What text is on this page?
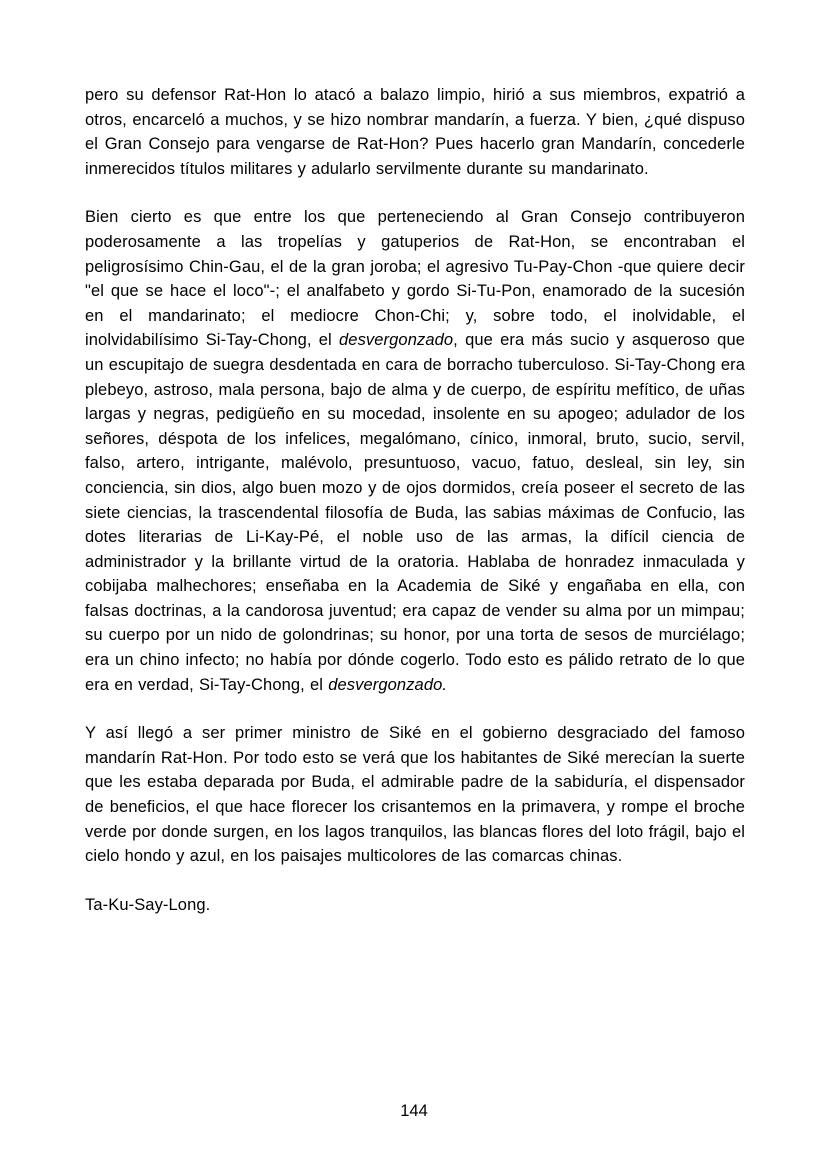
pero su defensor Rat-Hon lo atacó a balazo limpio, hirió a sus miembros, expatrió a otros, encarceló a muchos, y se hizo nombrar mandarín, a fuerza. Y bien, ¿qué dispuso el Gran Consejo para vengarse de Rat-Hon? Pues hacerlo gran Mandarín, concederle inmerecidos títulos militares y adularlo servilmente durante su mandarinato.

Bien cierto es que entre los que perteneciendo al Gran Consejo contribuyeron poderosamente a las tropelías y gatuperios de Rat-Hon, se encontraban el peligrosísimo Chin-Gau, el de la gran joroba; el agresivo Tu-Pay-Chon -que quiere decir "el que se hace el loco"-; el analfabeto y gordo Si-Tu-Pon, enamorado de la sucesión en el mandarinato; el mediocre Chon-Chi; y, sobre todo, el inolvidable, el inolvidabilísimo Si-Tay-Chong, el desvergonzado, que era más sucio y asqueroso que un escupitajo de suegra desdentada en cara de borracho tuberculoso. Si-Tay-Chong era plebeyo, astroso, mala persona, bajo de alma y de cuerpo, de espíritu mefítico, de uñas largas y negras, pedigüeño en su mocedad, insolente en su apogeo; adulador de los señores, déspota de los infelices, megalómano, cínico, inmoral, bruto, sucio, servil, falso, artero, intrigante, malévolo, presuntuoso, vacuo, fatuo, desleal, sin ley, sin conciencia, sin dios, algo buen mozo y de ojos dormidos, creía poseer el secreto de las siete ciencias, la trascendental filosofía de Buda, las sabias máximas de Confucio, las dotes literarias de Li-Kay-Pé, el noble uso de las armas, la difícil ciencia de administrador y la brillante virtud de la oratoria. Hablaba de honradez inmaculada y cobijaba malhechores; enseñaba en la Academia de Siké y engañaba en ella, con falsas doctrinas, a la candorosa juventud; era capaz de vender su alma por un mimpau; su cuerpo por un nido de golondrinas; su honor, por una torta de sesos de murciélago; era un chino infecto; no había por dónde cogerlo. Todo esto es pálido retrato de lo que era en verdad, Si-Tay-Chong, el desvergonzado.

Y así llegó a ser primer ministro de Siké en el gobierno desgraciado del famoso mandarín Rat-Hon. Por todo esto se verá que los habitantes de Siké merecían la suerte que les estaba deparada por Buda, el admirable padre de la sabiduría, el dispensador de beneficios, el que hace florecer los crisantemos en la primavera, y rompe el broche verde por donde surgen, en los lagos tranquilos, las blancas flores del loto frágil, bajo el cielo hondo y azul, en los paisajes multicolores de las comarcas chinas.

Ta-Ku-Say-Long.

144
